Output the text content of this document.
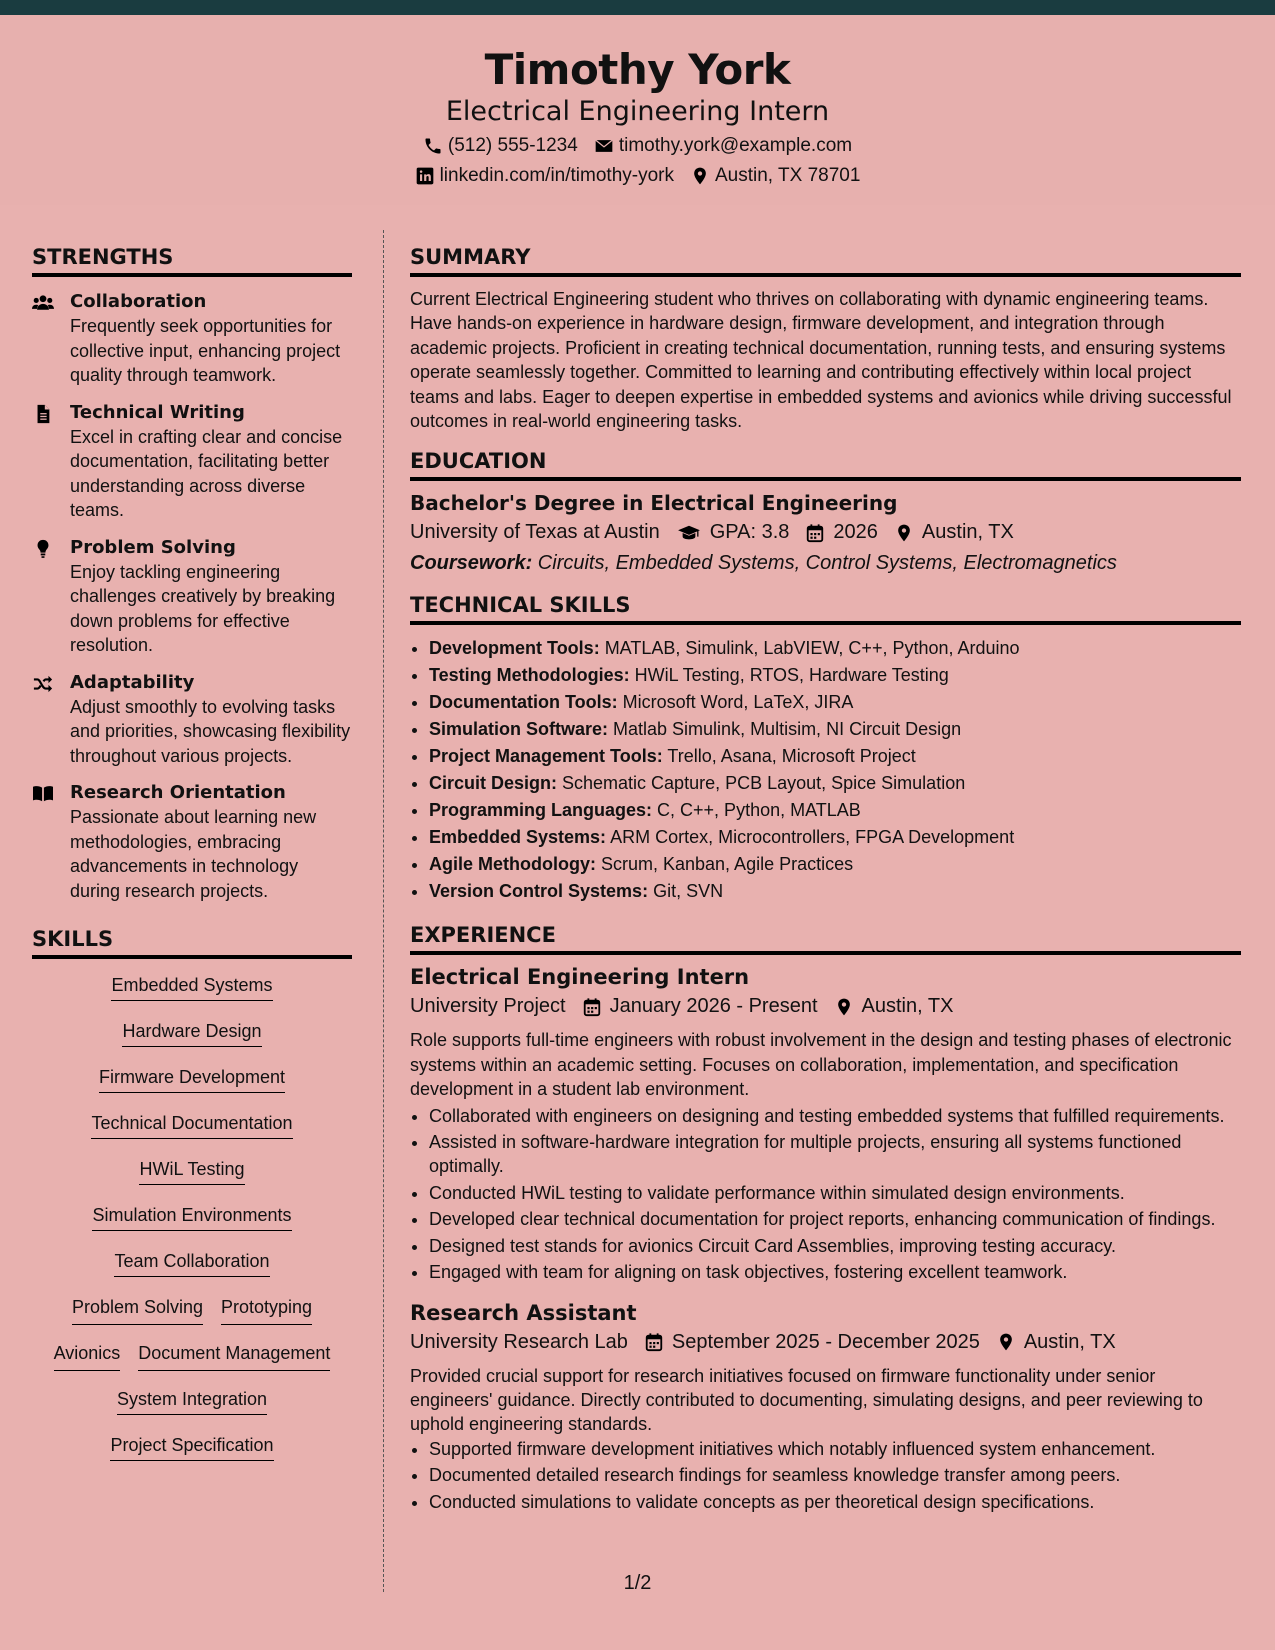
Timothy York
Electrical Engineering Intern
(512) 555-1234 timothy.york@example.com
linkedin.com/in/timothy-york Austin, TX 78701
STRENGTHS
Collaboration
Frequently seek opportunities for collective input, enhancing project quality through teamwork.
Technical Writing
Excel in crafting clear and concise documentation, facilitating better understanding across diverse teams.
Problem Solving
Enjoy tackling engineering challenges creatively by breaking down problems for effective resolution.
Adaptability
Adjust smoothly to evolving tasks and priorities, showcasing flexibility throughout various projects.
Research Orientation
Passionate about learning new methodologies, embracing advancements in technology during research projects.
SKILLS
Embedded Systems
Hardware Design
Firmware Development
Technical Documentation
HWiL Testing
Simulation Environments
Team Collaboration
Problem Solving Prototyping
Avionics Document Management
System Integration
Project Specification
SUMMARY

Current Electrical Engineering student who thrives on collaborating with dynamic engineering teams. Have hands-on experience in hardware design, firmware development, and integration through academic projects. Proficient in creating technical documentation, running tests, and ensuring systems operate seamlessly together. Committed to learning and contributing effectively within local project teams and labs. Eager to deepen expertise in embedded systems and avionics while driving successful outcomes in real-world engineering tasks.

EDUCATION
Bachelor's Degree in Electrical Engineering
University of Texas at Austin	GPA: 3.8 2026 Austin, TX
Coursework: Circuits, Embedded Systems, Control Systems, Electromagnetics
TECHNICAL SKILLS
• Development Tools: MATLAB, Simulink, LabVIEW, C++, Python, Arduino
• Testing Methodologies: HWiL Testing, RTOS, Hardware Testing
• Documentation Tools: Microsoft Word, LaTeX, JIRA
• Simulation Software: Matlab Simulink, Multisim, NI Circuit Design
• Project Management Tools: Trello, Asana, Microsoft Project
• Circuit Design: Schematic Capture, PCB Layout, Spice Simulation
• Programming Languages: C, C++, Python, MATLAB
• Embedded Systems: ARM Cortex, Microcontrollers, FPGA Development
• Agile Methodology: Scrum, Kanban, Agile Practices
• Version Control Systems: Git, SVN
EXPERIENCE
Electrical Engineering Intern
University Project January 2026 - Present Austin, TX

Role supports full-time engineers with robust involvement in the design and testing phases of electronic systems within an academic setting. Focuses on collaboration, implementation, and specification development in a student lab environment.

• Collaborated with engineers on designing and testing embedded systems that fulfilled requirements.
• Assisted in software-hardware integration for multiple projects, ensuring all systems functioned optimally.
• Conducted HWiL testing to validate performance within simulated design environments.
• Developed clear technical documentation for project reports, enhancing communication of findings.
• Designed test stands for avionics Circuit Card Assemblies, improving testing accuracy.
• Engaged with team for aligning on task objectives, fostering excellent teamwork.
Research Assistant
University Research Lab September 2025 - December 2025 Austin, TX

Provided crucial support for research initiatives focused on firmware functionality under senior engineers' guidance. Directly contributed to documenting, simulating designs, and peer reviewing to uphold engineering standards.

• Supported firmware development initiatives which notably influenced system enhancement.
• Documented detailed research findings for seamless knowledge transfer among peers.
• Conducted simulations to validate concepts as per theoretical design specifications.
1/2
